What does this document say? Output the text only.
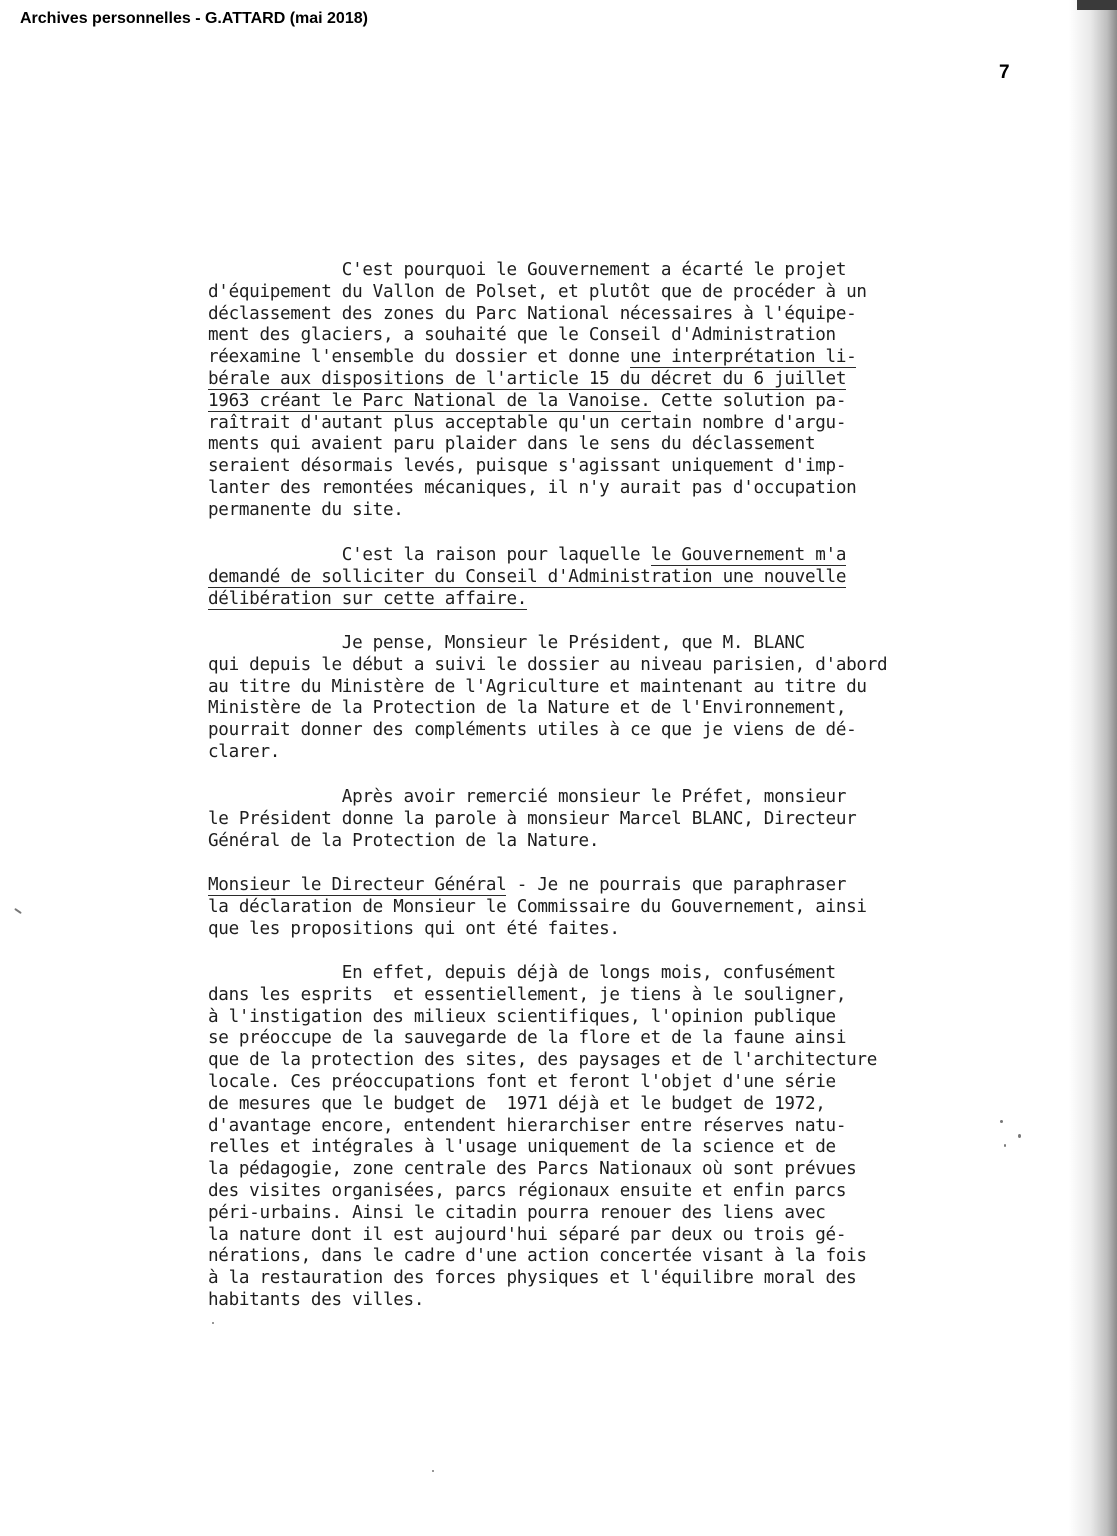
Archives personnelles - G.ATTARD (mai 2018)
7
C'est pourquoi le Gouvernement a écarté le projet
d'équipement du Vallon de Polset, et plutôt que de procéder à un
déclassement des zones du Parc National nécessaires à l'équipe-
ment des glaciers, a souhaité que le Conseil d'Administration
réexamine l'ensemble du dossier et donne une interprétation li-
bérale aux dispositions de l'article 15 du décret du 6 juillet
1963 créant le Parc National de la Vanoise. Cette solution pa-
raîtrait d'autant plus acceptable qu'un certain nombre d'argu-
ments qui avaient paru plaider dans le sens du déclassement
seraient désormais levés, puisque s'agissant uniquement d'imp-
lanter des remontées mécaniques, il n'y aurait pas d'occupation
permanente du site.
C'est la raison pour laquelle le Gouvernement m'a
demandé de solliciter du Conseil d'Administration une nouvelle
délibération sur cette affaire.
Je pense, Monsieur le Président, que M. BLANC
qui depuis le début a suivi le dossier au niveau parisien, d'abord
au titre du Ministère de l'Agriculture et maintenant au titre du
Ministère de la Protection de la Nature et de l'Environnement,
pourrait donner des compléments utiles à ce que je viens de dé-
clarer.
Après avoir remercié monsieur le Préfet, monsieur
le Président donne la parole à monsieur Marcel BLANC, Directeur
Général de la Protection de la Nature.
Monsieur le Directeur Général - Je ne pourrais que paraphraser
la déclaration de Monsieur le Commissaire du Gouvernement, ainsi
que les propositions qui ont été faites.
En effet, depuis déjà de longs mois, confusément
dans les esprits  et essentiellement, je tiens à le souligner,
à l'instigation des milieux scientifiques, l'opinion publique
se préoccupe de la sauvegarde de la flore et de la faune ainsi
que de la protection des sites, des paysages et de l'architecture
locale. Ces préoccupations font et feront l'objet d'une série
de mesures que le budget de  1971 déjà et le budget de 1972,
d'avantage encore, entendent hierarchiser entre réserves natu-
relles et intégrales à l'usage uniquement de la science et de
la pédagogie, zone centrale des Parcs Nationaux où sont prévues
des visites organisées, parcs régionaux ensuite et enfin parcs
péri-urbains. Ainsi le citadin pourra renouer des liens avec
la nature dont il est aujourd'hui séparé par deux ou trois gé-
nérations, dans le cadre d'une action concertée visant à la fois
à la restauration des forces physiques et l'équilibre moral des
habitants des villes.
